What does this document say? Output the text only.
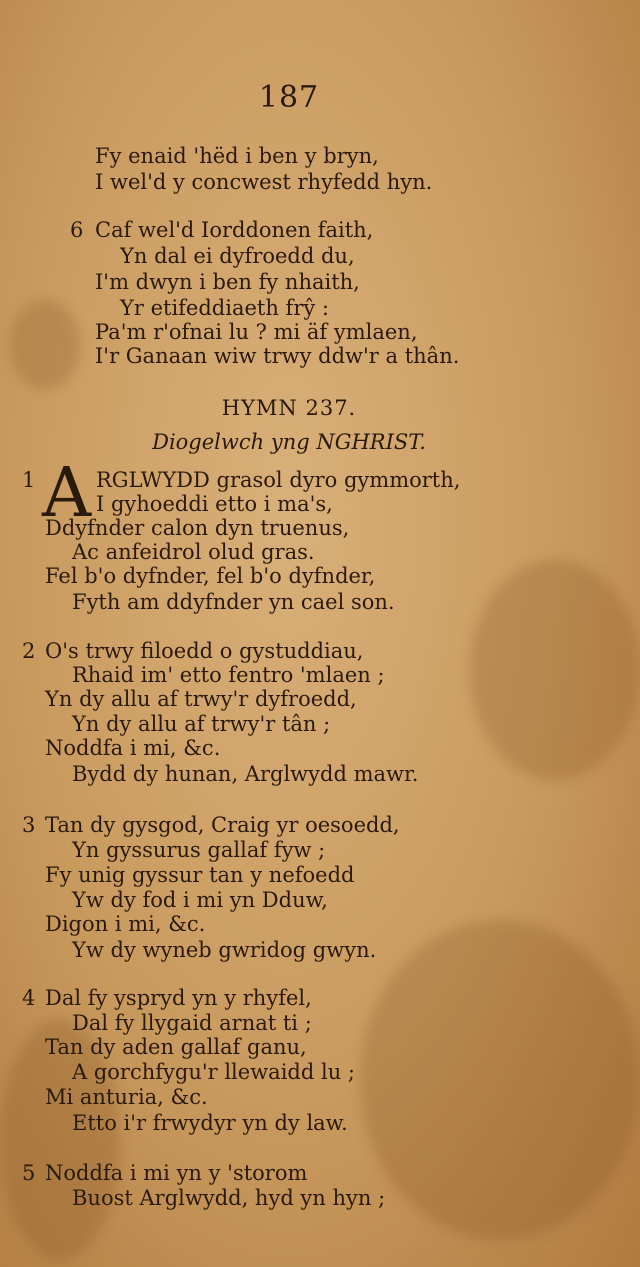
187
Fy enaid 'hëd i ben y bryn,
I wel'd y concwest rhyfedd hyn.
6 Caf wel'd Iorddonen faith,
Yn dal ei dyfroedd du,
I'm dwyn i ben fy nhaith,
Yr etifeddiaeth frŷ :
Pa'm r'ofnai lu ? mi äf ymlaen,
I'r Ganaan wiw trwy ddw'r a thân.
HYMN 237.
Diogelwch yng NGHRIST.
1 A RGLWYDD grasol dyro gymmorth,
I gyhoeddi etto i ma's,
Ddyfnder calon dyn truenus,
Ac anfeidrol olud gras.
Fel b'o dyfnder, fel b'o dyfnder,
Fyth am ddyfnder yn cael son.
2 O's trwy filoedd o gystuddiau,
Rhaid im' etto fentro 'mlaen ;
Yn dy allu af trwy'r dyfroedd,
Yn dy allu af trwy'r tân ;
Noddfa i mi, &c.
Bydd dy hunan, Arglwydd mawr.
3 Tan dy gysgod, Craig yr oesoedd,
Yn gyssurus gallaf fyw ;
Fy unig gyssur tan y nefoedd
Yw dy fod i mi yn Dduw,
Digon i mi, &c.
Yw dy wyneb gwridog gwyn.
4 Dal fy yspryd yn y rhyfel,
Dal fy llygaid arnat ti ;
Tan dy aden gallaf ganu,
A gorchfygu'r llewaidd lu ;
Mi anturia, &c.
Etto i'r frwydyr yn dy law.
5 Noddfa i mi yn y 'storom
Buost Arglwydd, hyd yn hyn ;
